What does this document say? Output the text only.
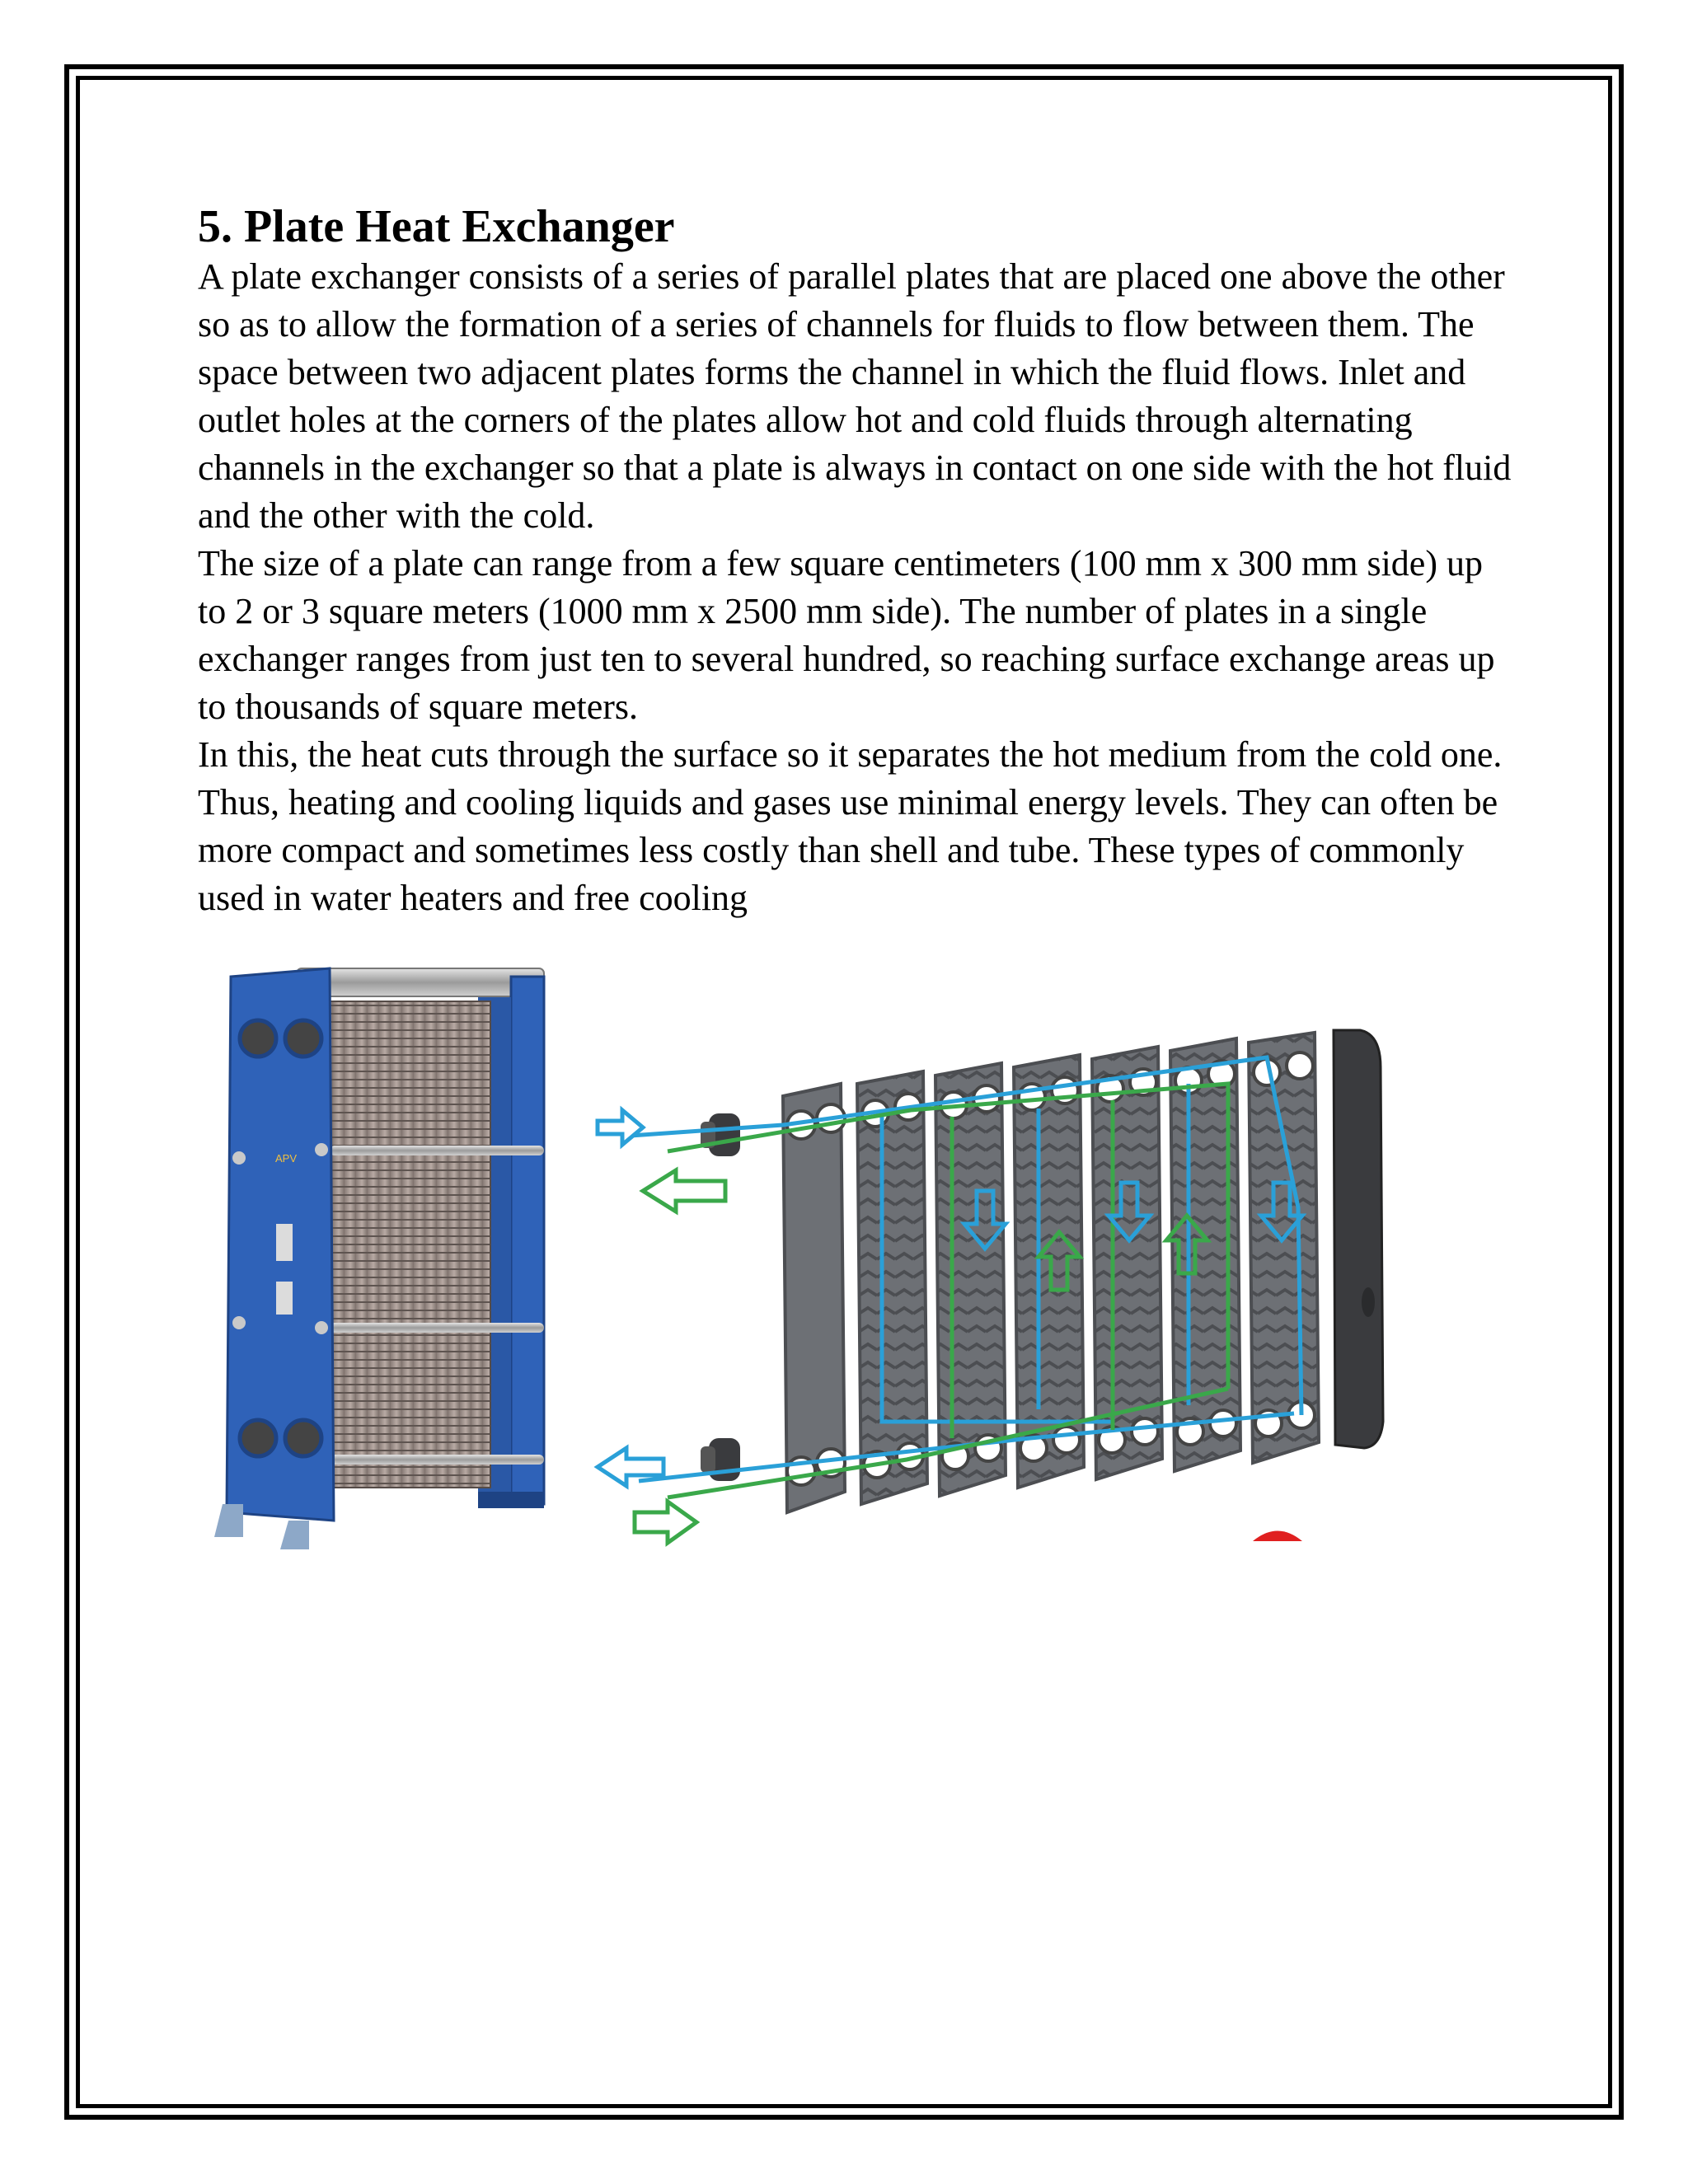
5. Plate Heat Exchanger

A plate exchanger consists of a series of parallel plates that are placed one above the other so as to allow the formation of a series of channels for fluids to flow between them. The space between two adjacent plates forms the channel in which the fluid flows. Inlet and outlet holes at the corners of the plates allow hot and cold fluids through alternating channels in the exchanger so that a plate is always in contact on one side with the hot fluid and the other with the cold.

The size of a plate can range from a few square centimeters (100 mm x 300 mm side) up to 2 or 3 square meters (1000 mm x 2500 mm side). The number of plates in a single exchanger ranges from just ten to several hundred, so reaching surface exchange areas up to thousands of square meters.

In this, the heat cuts through the surface so it separates the hot medium from the cold one. Thus, heating and cooling liquids and gases use minimal energy levels. They can often be more compact and sometimes less costly than shell and tube. These types of commonly used in water heaters and free cooling

APV
